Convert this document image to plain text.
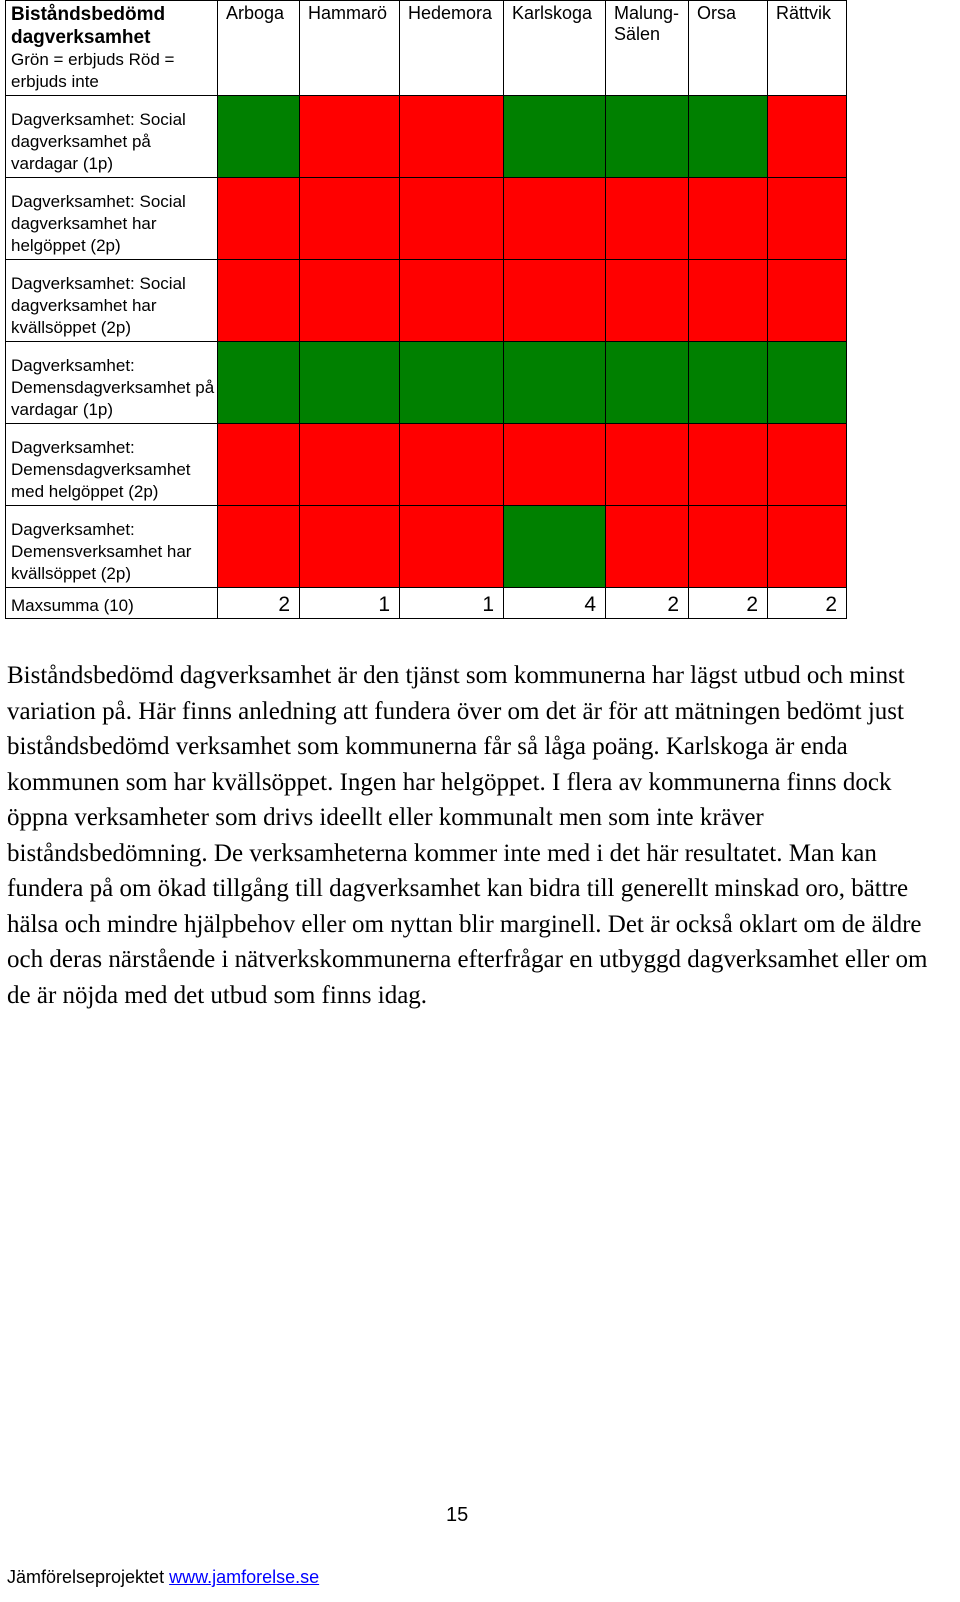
Biståndsbedömd dagverksamhet
Grön = erbjuds Röd = erbjuds inte	Arboga	Hammarö	Hedemora	Karlskoga	Malung-Sälen	Orsa	Rättvik
Dagverksamhet: Social dagverksamhet på vardagar (1p)							
Dagverksamhet: Social dagverksamhet har helgöppet (2p)							
Dagverksamhet: Social dagverksamhet har kvällsöppet (2p)							
Dagverksamhet: Demensdagverksamhet på vardagar (1p)							
Dagverksamhet: Demensdagverksamhet med helgöppet (2p)							
Dagverksamhet: Demensverksamhet har kvällsöppet (2p)							
Maxsumma (10)	2	1	1	4	2	2	2

Biståndsbedömd dagverksamhet är den tjänst som kommunerna har lägst utbud och minst variation på. Här finns anledning att fundera över om det är för att mätningen bedömt just biståndsbedömd verksamhet som kommunerna får så låga poäng. Karlskoga är enda kommunen som har kvällsöppet. Ingen har helgöppet. I flera av kommunerna finns dock öppna verksamheter som drivs ideellt eller kommunalt men som inte kräver biståndsbedömning. De verksamheterna kommer inte med i det här resultatet. Man kan fundera på om ökad tillgång till dagverksamhet kan bidra till generellt minskad oro, bättre hälsa och mindre hjälpbehov eller om nyttan blir marginell. Det är också oklart om de äldre och deras närstående i nätverkskommunerna efterfrågar en utbyggd dagverksamhet eller om de är nöjda med det utbud som finns idag.

15
Jämförelseprojektet www.jamforelse.se
